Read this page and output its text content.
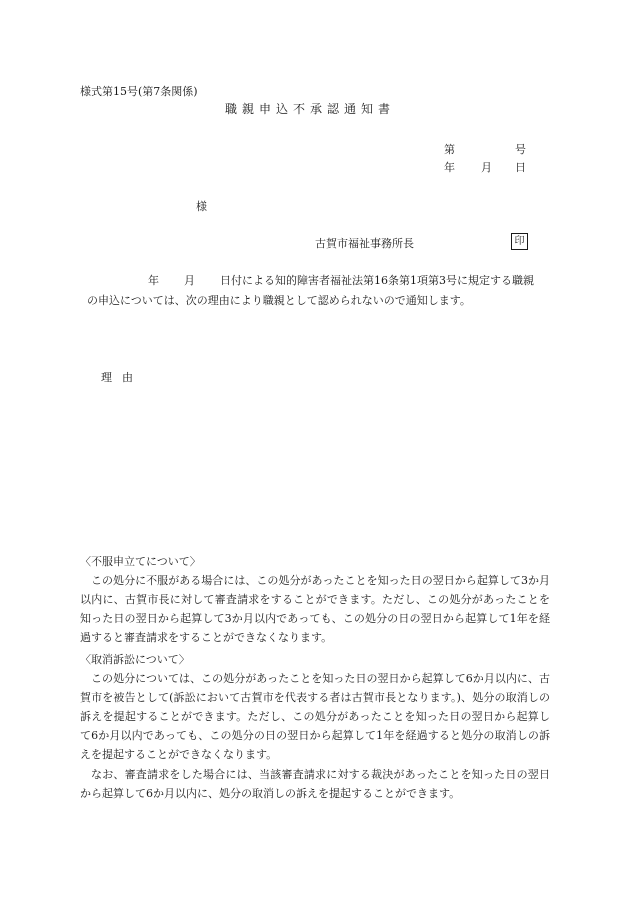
様式第15号(第7条関係)
職親申込不承認通知書
第	号
年 月 日
様
古賀市福祉事務所長	印
年 月 日付による知的障害者福祉法第16条第1項第3号に規定する職親
の申込については、次の理由により職親として認められないので通知します。
理由
〈不服申立てについて〉

この処分に不服がある場合には、この処分があったことを知った日の翌日から起算して3か月以内に、古賀市長に対して審査請求をすることができます。ただし、この処分があったことを知った日の翌日から起算して3か月以内であっても、この処分の日の翌日から起算して1年を経過すると審査請求をすることができなくなります。

〈取消訴訟について〉

この処分については、この処分があったことを知った日の翌日から起算して6か月以内に、古賀市を被告として(訴訟において古賀市を代表する者は古賀市長となります。)、処分の取消しの訴えを提起することができます。ただし、この処分があったことを知った日の翌日から起算して6か月以内であっても、この処分の日の翌日から起算して1年を経過すると処分の取消しの訴えを提起することができなくなります。

なお、審査請求をした場合には、当該審査請求に対する裁決があったことを知った日の翌日から起算して6か月以内に、処分の取消しの訴えを提起することができます。
